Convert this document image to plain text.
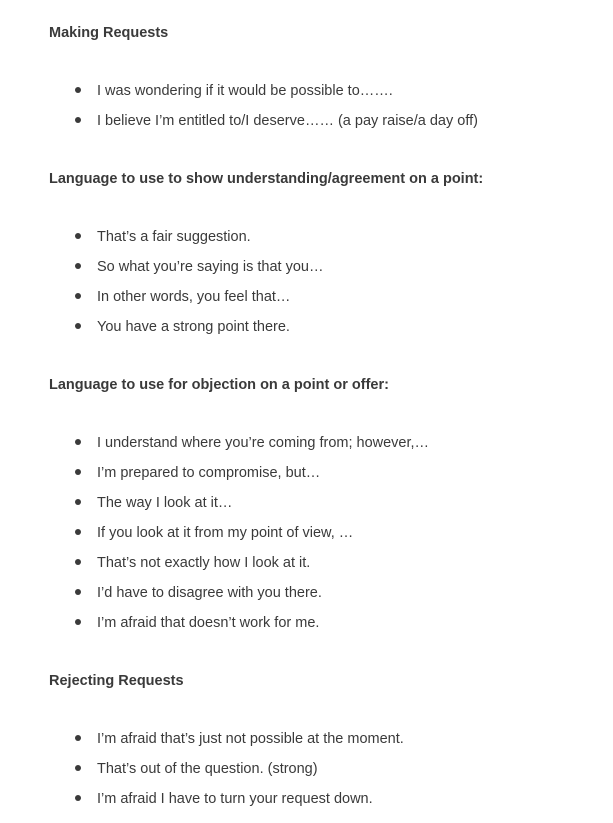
Making Requests
I was wondering if it would be possible to…….
I believe I’m entitled to/I deserve…… (a pay raise/a day off)
Language to use to show understanding/agreement on a point:
That’s a fair suggestion.
So what you’re saying is that you…
In other words, you feel that…
You have a strong point there.
Language to use for objection on a point or offer:
I understand where you’re coming from; however,…
I’m prepared to compromise, but…
The way I look at it…
If you look at it from my point of view, …
That’s not exactly how I look at it.
I’d have to disagree with you there.
I’m afraid that doesn’t work for me.
Rejecting Requests
I’m afraid that’s just not possible at the moment.
That’s out of the question. (strong)
I’m afraid I have to turn your request down.
